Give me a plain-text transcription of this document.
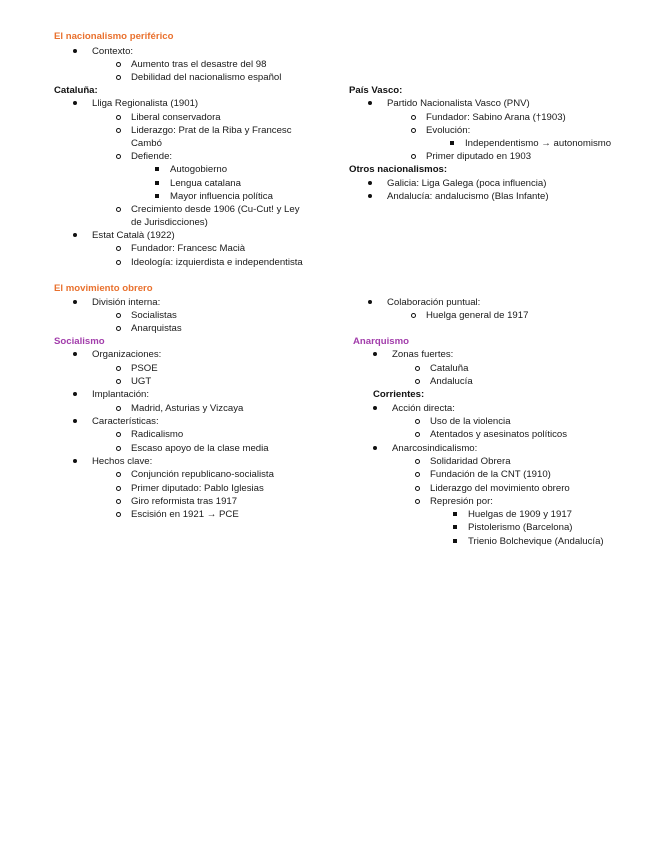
El nacionalismo periférico
Contexto:
Aumento tras el desastre del 98
Debilidad del nacionalismo español
Cataluña:
Lliga Regionalista (1901)
Liberal conservadora
Liderazgo: Prat de la Riba y Francesc
Cambó
Defiende:
Autogobierno
Lengua catalana
Mayor influencia política
Crecimiento desde 1906 (Cu-Cut! y Ley
de Jurisdicciones)
Estat Català (1922)
Fundador: Francesc Macià
Ideología: izquierdista e independentista
País Vasco:
Partido Nacionalista Vasco (PNV)
Fundador: Sabino Arana (†1903)
Evolución:
Independentismo → autonomismo
Primer diputado en 1903
Otros nacionalismos:
Galicia: Liga Galega (poca influencia)
Andalucía: andalucismo (Blas Infante)
El movimiento obrero
División interna:
Socialistas
Anarquistas
Colaboración puntual:
Huelga general de 1917
Socialismo
Organizaciones:
PSOE
UGT
Implantación:
Madrid, Asturias y Vizcaya
Características:
Radicalismo
Escaso apoyo de la clase media
Hechos clave:
Conjunción republicano-socialista
Primer diputado: Pablo Iglesias
Giro reformista tras 1917
Escisión en 1921 → PCE
Anarquismo
Zonas fuertes:
Cataluña
Andalucía
Corrientes:
Acción directa:
Uso de la violencia
Atentados y asesinatos políticos
Anarcosindicalismo:
Solidaridad Obrera
Fundación de la CNT (1910)
Liderazgo del movimiento obrero
Represión por:
Huelgas de 1909 y 1917
Pistolerismo (Barcelona)
Trienio Bolchevique (Andalucía)
